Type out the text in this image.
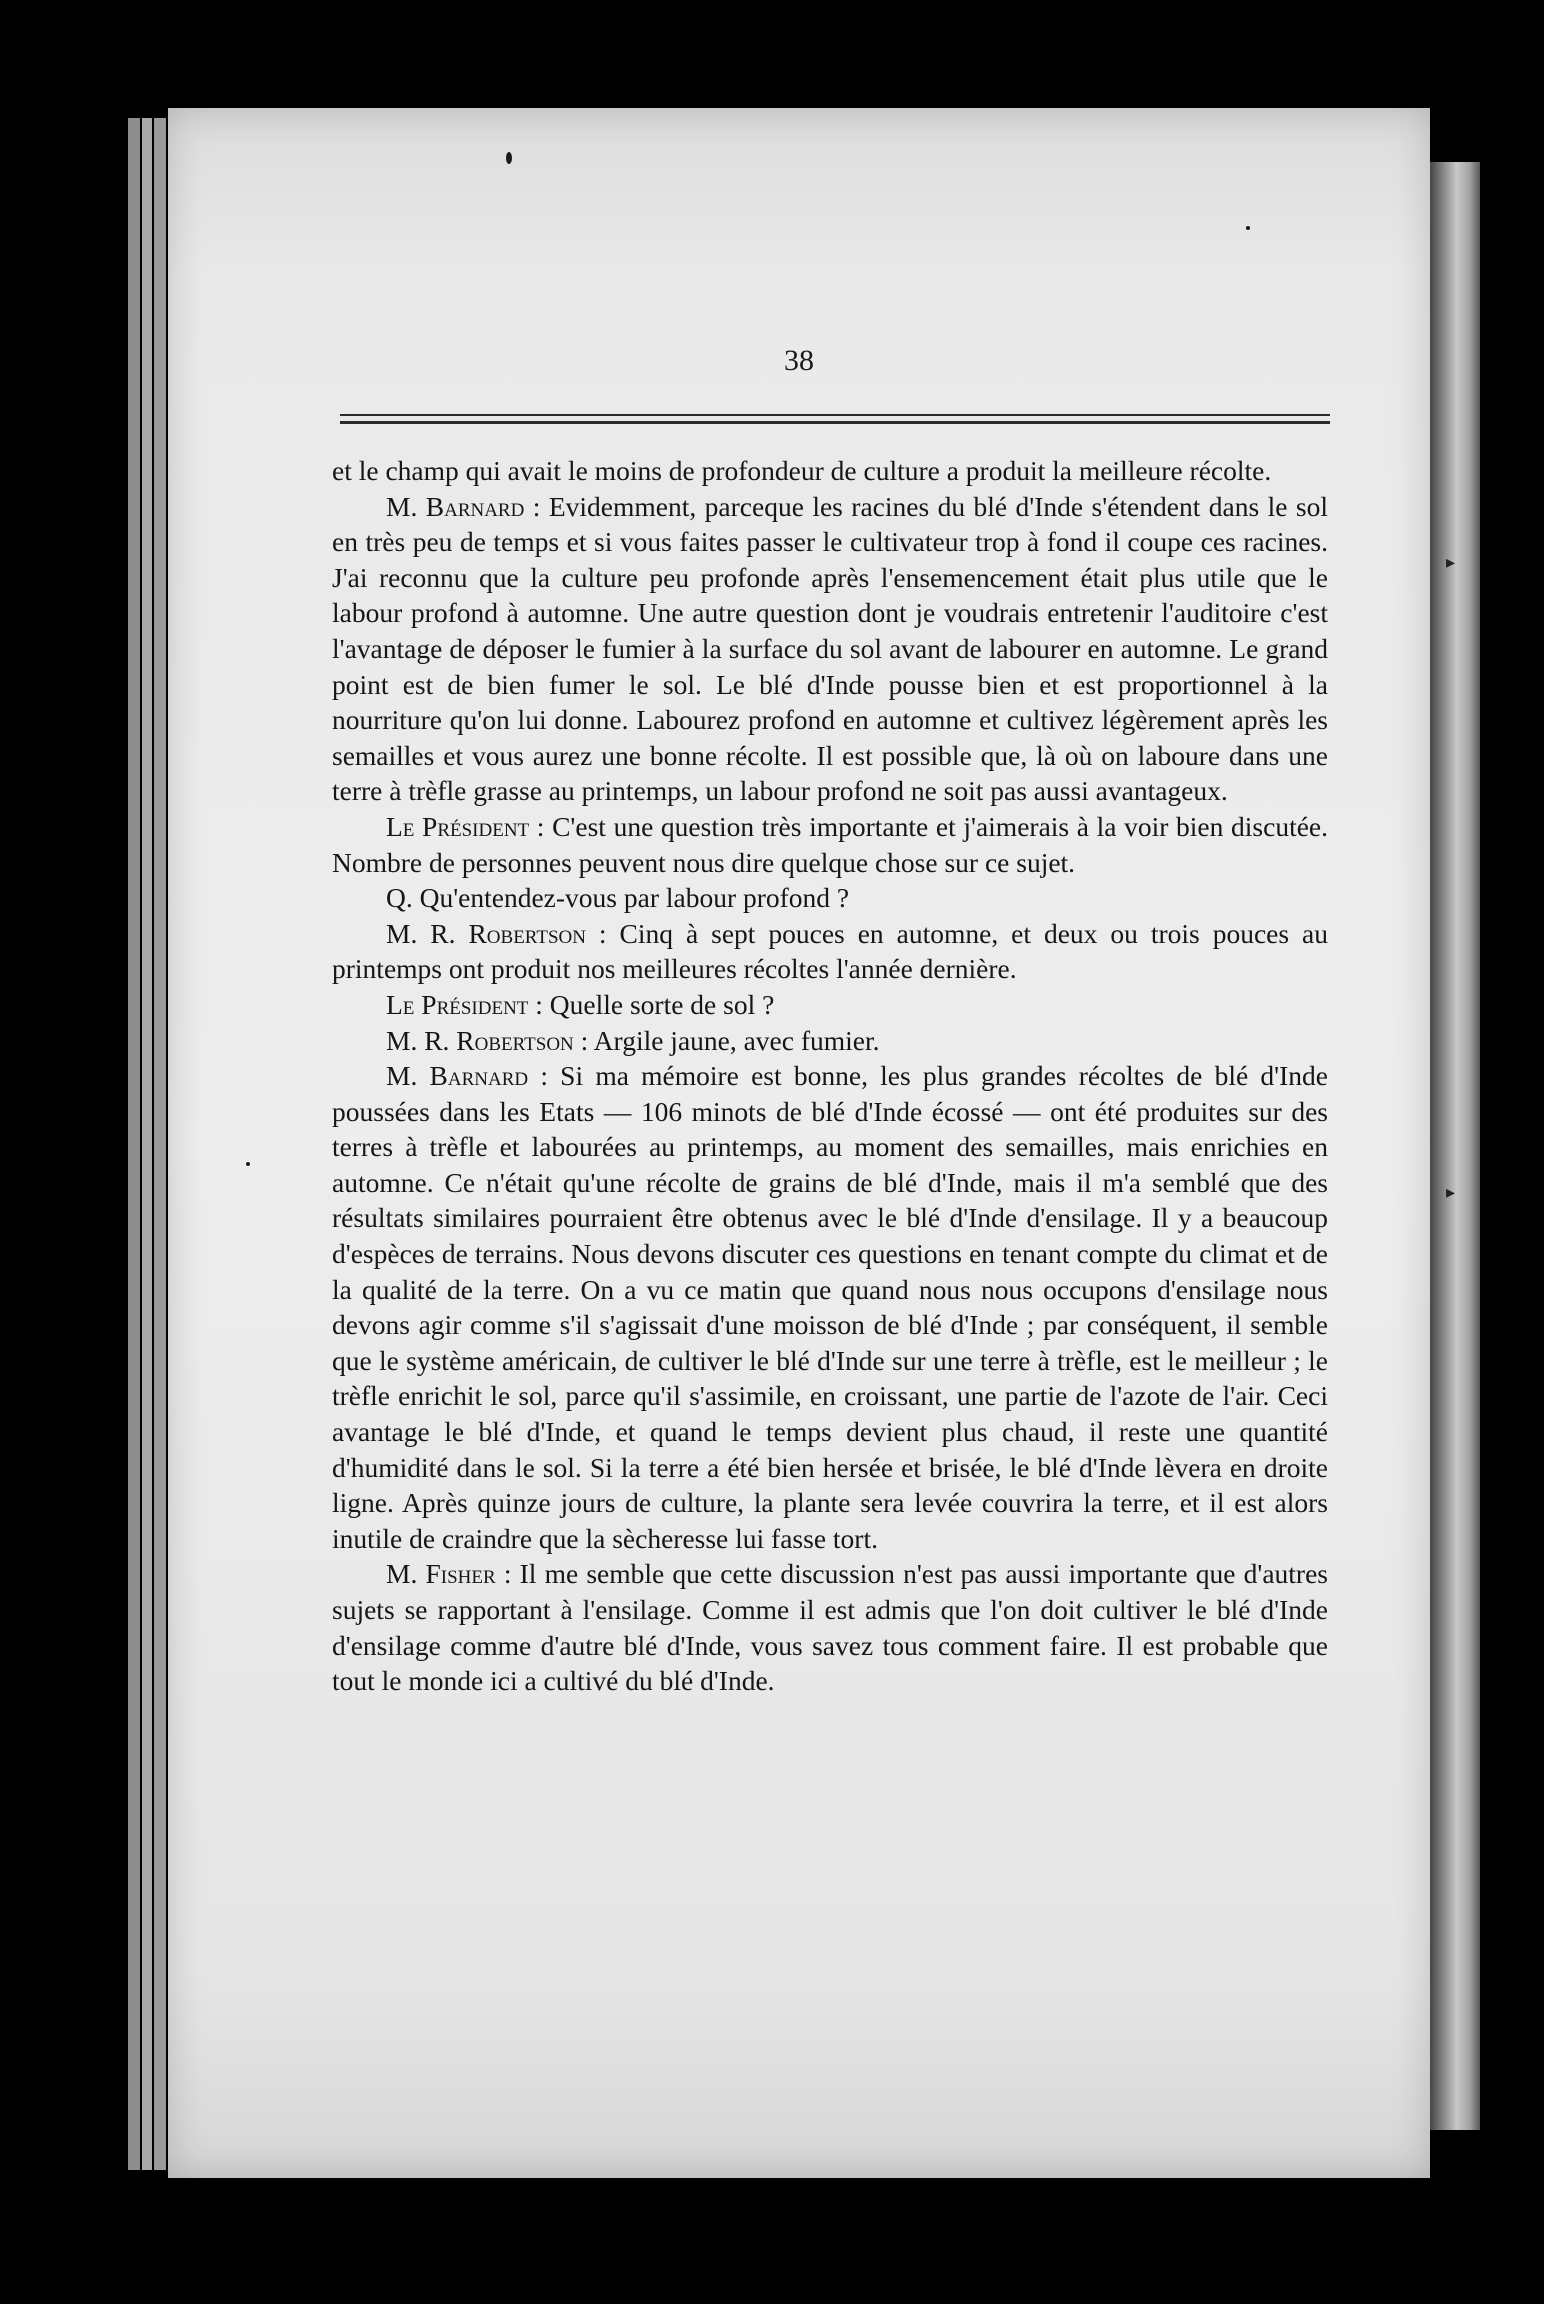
▸
▸
38

et le champ qui avait le moins de profondeur de culture a produit la meilleure récolte.

M. Barnard : Evidemment, parceque les racines du blé d'Inde s'étendent dans le sol en très peu de temps et si vous faites passer le cultivateur trop à fond il coupe ces racines. J'ai reconnu que la culture peu profonde après l'ensemencement était plus utile que le labour profond à automne. Une autre question dont je voudrais entretenir l'auditoire c'est l'avantage de déposer le fumier à la surface du sol avant de labourer en automne. Le grand point est de bien fumer le sol. Le blé d'Inde pousse bien et est proportionnel à la nourriture qu'on lui donne. Labourez profond en automne et cultivez légèrement après les semailles et vous aurez une bonne récolte. Il est possible que, là où on laboure dans une terre à trèfle grasse au printemps, un labour profond ne soit pas aussi avantageux.

Le Président : C'est une question très importante et j'aimerais à la voir bien discutée. Nombre de personnes peuvent nous dire quelque chose sur ce sujet.

Q. Qu'entendez-vous par labour profond ?

M. R. Robertson : Cinq à sept pouces en automne, et deux ou trois pouces au printemps ont produit nos meilleures récoltes l'année dernière.

Le Président : Quelle sorte de sol ?

M. R. Robertson : Argile jaune, avec fumier.

M. Barnard : Si ma mémoire est bonne, les plus grandes récoltes de blé d'Inde poussées dans les Etats — 106 minots de blé d'Inde écossé — ont été produites sur des terres à trèfle et labourées au printemps, au moment des semailles, mais enrichies en automne. Ce n'était qu'une récolte de grains de blé d'Inde, mais il m'a semblé que des résultats similaires pourraient être obtenus avec le blé d'Inde d'ensilage. Il y a beaucoup d'espèces de terrains. Nous devons discuter ces questions en tenant compte du climat et de la qualité de la terre. On a vu ce matin que quand nous nous occupons d'ensilage nous devons agir comme s'il s'agissait d'une moisson de blé d'Inde ; par conséquent, il semble que le système américain, de cultiver le blé d'Inde sur une terre à trèfle, est le meilleur ; le trèfle enrichit le sol, parce qu'il s'assimile, en croissant, une partie de l'azote de l'air. Ceci avantage le blé d'Inde, et quand le temps devient plus chaud, il reste une quantité d'humidité dans le sol. Si la terre a été bien hersée et brisée, le blé d'Inde lèvera en droite ligne. Après quinze jours de culture, la plante sera levée couvrira la terre, et il est alors inutile de craindre que la sècheresse lui fasse tort.

M. Fisher : Il me semble que cette discussion n'est pas aussi importante que d'autres sujets se rapportant à l'ensilage. Comme il est admis que l'on doit cultiver le blé d'Inde d'ensilage comme d'autre blé d'Inde, vous savez tous comment faire. Il est probable que tout le monde ici a cultivé du blé d'Inde.
